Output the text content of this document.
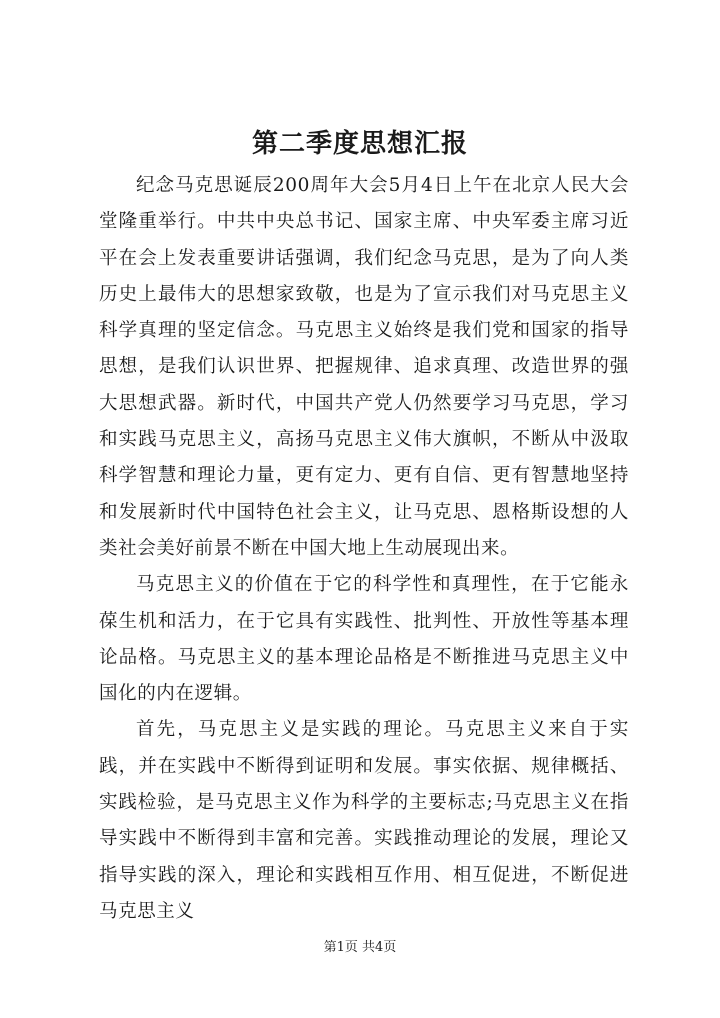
第二季度思想汇报

纪念马克思诞辰200周年大会5月4日上午在北京人民大会堂隆重举行。中共中央总书记、国家主席、中央军委主席习近平在会上发表重要讲话强调，我们纪念马克思，是为了向人类历史上最伟大的思想家致敬，也是为了宣示我们对马克思主义科学真理的坚定信念。马克思主义始终是我们党和国家的指导思想，是我们认识世界、把握规律、追求真理、改造世界的强大思想武器。新时代，中国共产党人仍然要学习马克思，学习和实践马克思主义，高扬马克思主义伟大旗帜，不断从中汲取科学智慧和理论力量，更有定力、更有自信、更有智慧地坚持和发展新时代中国特色社会主义，让马克思、恩格斯设想的人类社会美好前景不断在中国大地上生动展现出来。

马克思主义的价值在于它的科学性和真理性，在于它能永葆生机和活力，在于它具有实践性、批判性、开放性等基本理论品格。马克思主义的基本理论品格是不断推进马克思主义中国化的内在逻辑。

首先，马克思主义是实践的理论。马克思主义来自于实践，并在实践中不断得到证明和发展。事实依据、规律概括、实践检验，是马克思主义作为科学的主要标志;马克思主义在指导实践中不断得到丰富和完善。实践推动理论的发展，理论又指导实践的深入，理论和实践相互作用、相互促进，不断促进马克思主义

第1页 共4页
